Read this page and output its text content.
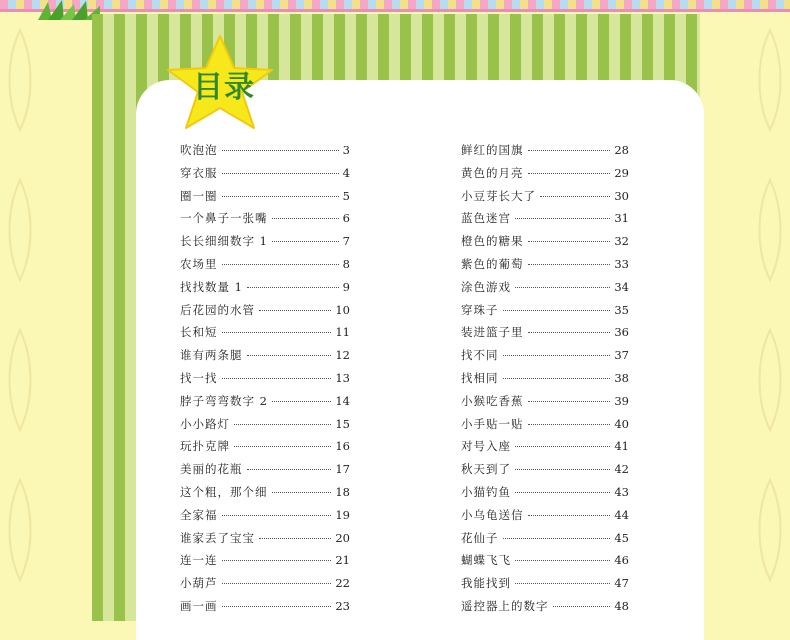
目录
吹泡泡	3
穿衣服	4
圈一圈	5
一个鼻子一张嘴	6
长长细细数字 1	7
农场里	8
找找数量 1	9
后花园的水管	10
长和短	11
谁有两条腿	12
找一找	13
脖子弯弯数字 2	14
小小路灯	15
玩扑克牌	16
美丽的花瓶	17
这个粗，那个细	18
全家福	19
谁家丢了宝宝	20
连一连	21
小葫芦	22
画一画	23
鲜红的国旗	28
黄色的月亮	29
小豆芽长大了	30
蓝色迷宫	31
橙色的糖果	32
紫色的葡萄	33
涂色游戏	34
穿珠子	35
装进篮子里	36
找不同	37
找相同	38
小猴吃香蕉	39
小手贴一贴	40
对号入座	41
秋天到了	42
小猫钓鱼	43
小乌龟送信	44
花仙子	45
蝴蝶飞飞	46
我能找到	47
遥控器上的数字	48
